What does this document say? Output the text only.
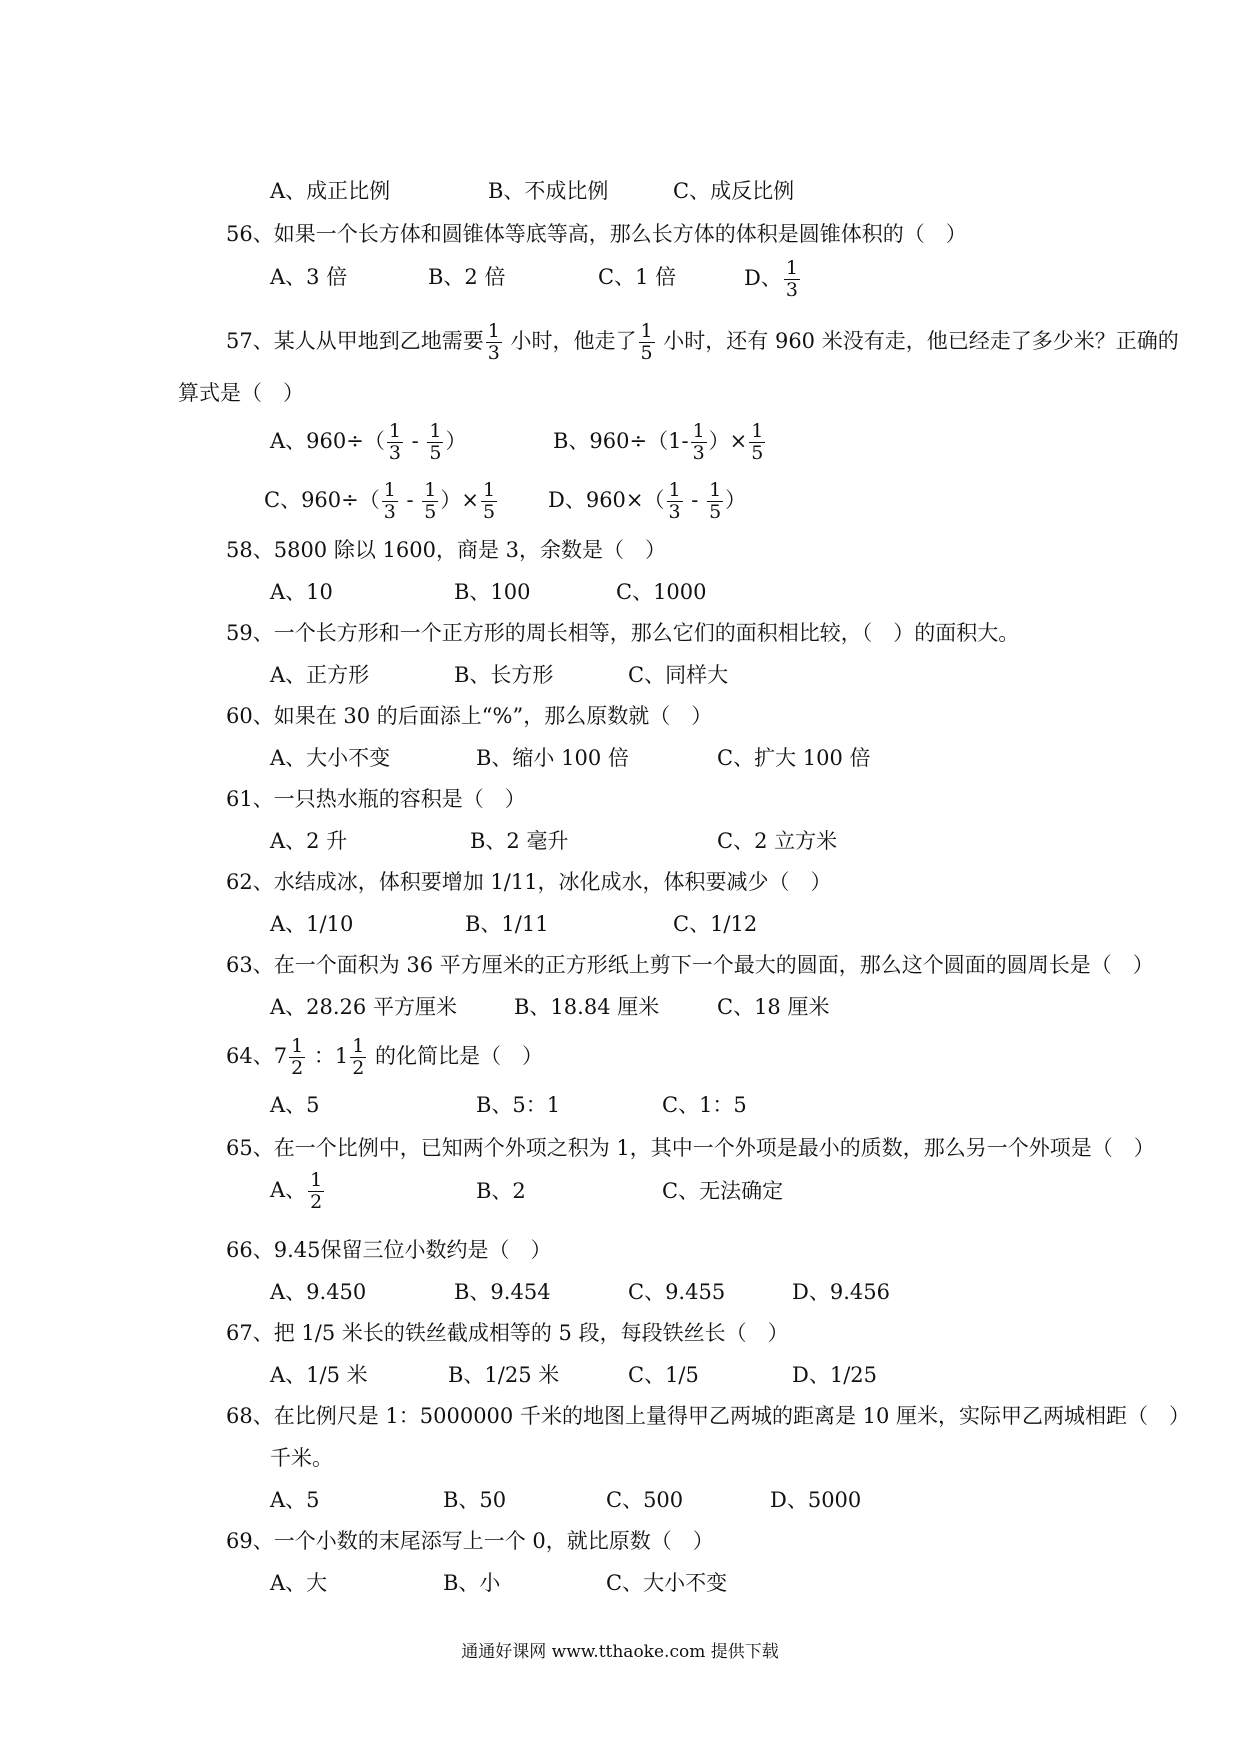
A、成正比例	B、不成比例	C、成反比例
56、如果一个长方体和圆锥体等底等高，那么长方体的体积是圆锥体积的（　）
A、3 倍	B、2 倍	C、1 倍	D、 $\frac{1}{3}$
57、某人从甲地到乙地需要 $\frac{1}{3}$ 小时，他走了 $\frac{1}{5}$ 小时，还有 960 米没有走，他已经走了多少米？正确的
算式是（　）
A、$960\div( \frac{1}{3} - \frac{1}{5}$ ）	B、$960\div(1- \frac{1}{3}$ ）× $\frac{1}{5}$
C、$960\div( \frac{1}{3} - \frac{1}{5}$ ）× $\frac{1}{5}$ D、$960\times( \frac{1}{3} - \frac{1}{5}$ ）
58、5800 除以 1600，商是 3，余数是（　）
A、10	B、100	C、1000
59、一个长方形和一个正方形的周长相等，那么它们的面积相比较，（　）的面积大。
A、正方形	B、长方形	C、同样大
60、如果在 30 的后面添上“%”，那么原数就（　）
A、大小不变	B、缩小 100 倍	C、扩大 100 倍
61、一只热水瓶的容积是（　）
A、2 升	B、2 毫升	C、2 立方米
62、水结成冰，体积要增加 1/11，冰化成水，体积要减少（　）
A、1/10	B、1/11	C、1/12
63、在一个面积为 36 平方厘米的正方形纸上剪下一个最大的圆面，那么这个圆面的圆周长是（　）
A、28.26 平方厘米	B、18.84 厘米	C、18 厘米
64、$7 \frac{1}{2}$ ：$1 \frac{1}{2}$ 的化简比是（　）
A、5	B、5：1	C、1：5
65、在一个比例中，已知两个外项之积为 1，其中一个外项是最小的质数，那么另一个外项是（　）
A、 $\frac{1}{2}$	B、2	C、无法确定
66、9.45保留三位小数约是（　）
A、9.450	B、9.454	C、9.455	D、9.456
67、把 1/5 米长的铁丝截成相等的 5 段，每段铁丝长（　）
A、1/5 米	B、1/25 米	C、1/5	D、1/25
68、在比例尺是 1：5000000 千米的地图上量得甲乙两城的距离是 10 厘米，实际甲乙两城相距（　）
千米。
A、5	B、50	C、500	D、5000
69、一个小数的末尾添写上一个 0，就比原数（　）
A、大	B、小	C、大小不变
通通好课网 www.tthaoke.com 提供下载
